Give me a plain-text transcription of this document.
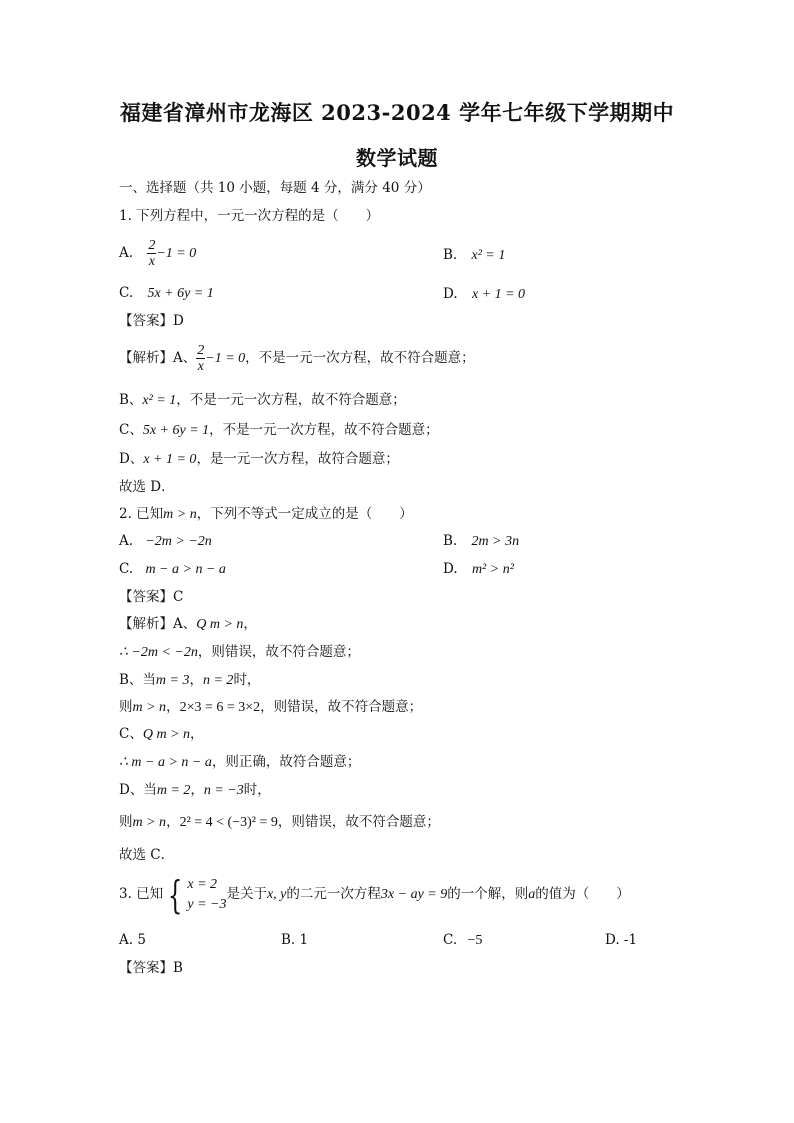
福建省漳州市龙海区 2023-2024 学年七年级下学期期中
数学试题
一、选择题（共 10 小题，每题 4 分，满分 40 分）
1. 下列方程中，一元一次方程的是（　　）
A. $\frac{2}{x} -1 = 0$	B. x² = 1
C. 5x + 6y = 1	D. x + 1 = 0
【答案】D
【解析】A、 $\frac{2}{x} -1 = 0$，不是一元一次方程，故不符合题意；
B、x² = 1，不是一元一次方程，故不符合题意；
C、5x + 6y = 1，不是一元一次方程，故不符合题意；
D、x + 1 = 0，是一元一次方程，故符合题意；
故选 D．
2. 已知m > n，下列不等式一定成立的是（　　）
A. −2m > −2n	B. 2m > 3n
C. m − a > n − a	D. m² > n²
【答案】C
【解析】A、Q m > n，
∴ −2m < −2n，则错误，故不符合题意；
B、当m = 3，n = 2时，
则m > n，2×3 = 6 = 3×2，则错误，故不符合题意；
C、Q m > n，
∴ m − a > n − a，则正确，故符合题意；
D、当m = 2，n = −3时，
则m > n，2² = 4 < (−3)² = 9，则错误，故不符合题意；
故选 C．
3. 已知 { x = 2
y = −3
是关于x, y的二元一次方程3x − ay = 9的一个解，则a的值为（　　）
A. 5	B. 1	C. −5	D. -1
【答案】B
